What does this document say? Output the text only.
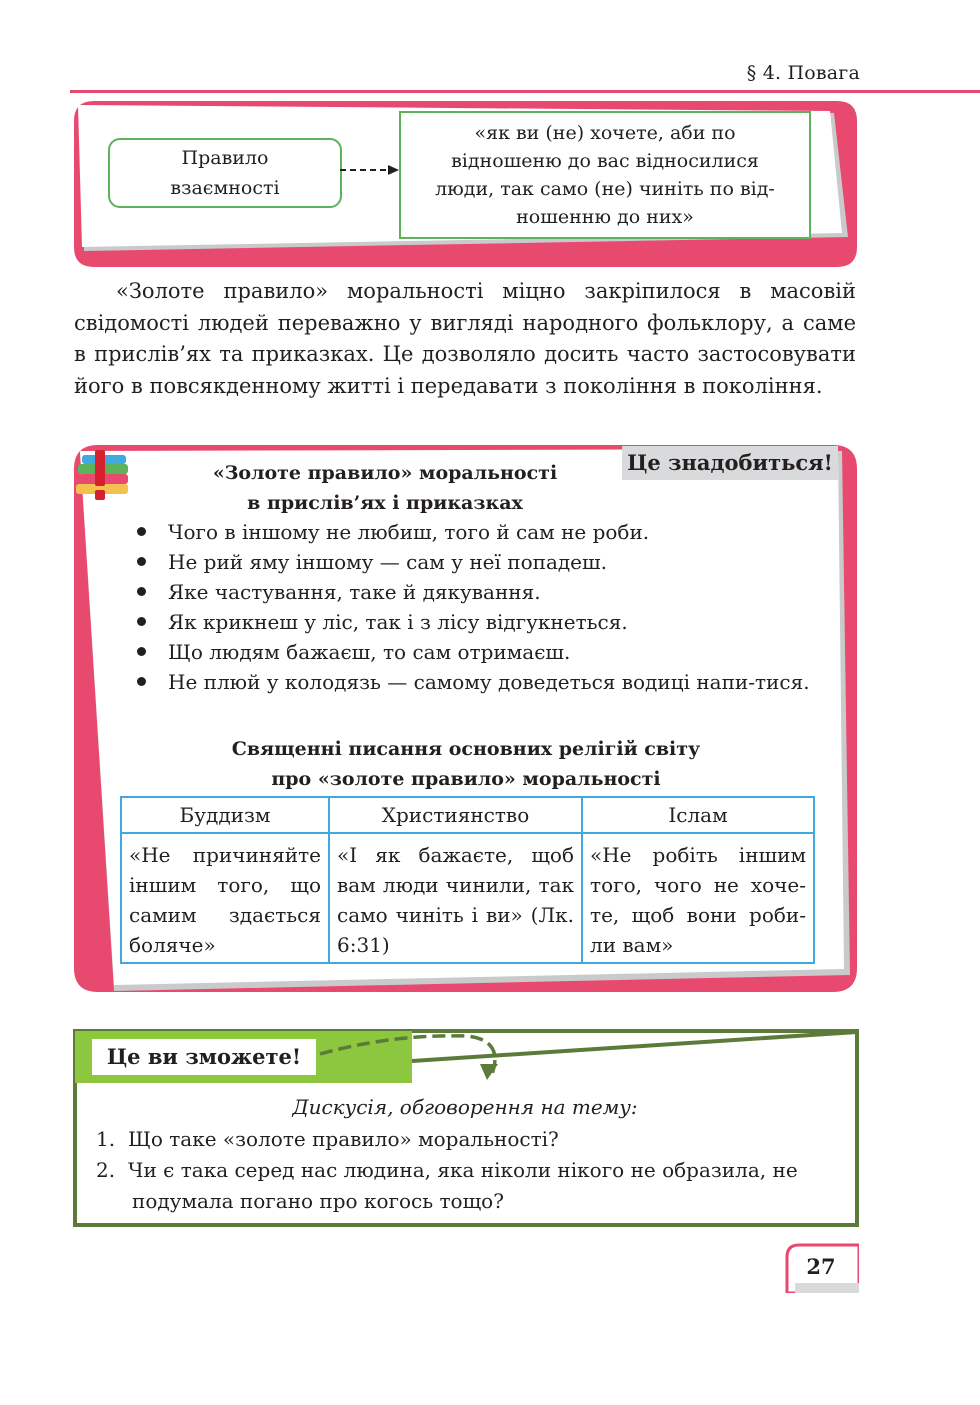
§ 4. Повага
Правило
взаємності
«як ви (не) хочете, аби по
відношеню до вас відносилися
люди, так само (не) чиніть по від-
ношенню до них»

«Золоте правило» моральності міцно закріпилося в масовій свідомості людей переважно у вигляді народного фольклору, а саме в прислів’ях та приказках. Це дозволяло досить часто застосовувати його в повсякденному житті і передавати з покоління в покоління.

Це знадобиться!
«Золоте правило» моральності
в прислів’ях і приказках
Чого в іншому не любиш, того й сам не роби.
Не рий яму іншому — сам у неї попадеш.
Яке частування, таке й дякування.
Як крикнеш у ліс, так і з лісу відгукнеться.
Що людям бажаєш, то сам отримаєш.
Не плюй у колодязь — самому доведеться водиці напи-тися.
Священні писання основних релігій світу
про «золоте правило» моральності
Буддизм	Християнство	Іслам
«Не причиняйте іншим того, що самим здається боляче»	«І як бажаєте, щоб вам люди чинили, так само чиніть і ви» (Лк. 6:31)	«Не робіть іншим того, чого не хоче-те, щоб вони роби-ли вам»
Це ви зможете!
Дискусія, обговорення на тему:
1. Що таке «золоте правило» моральності?
2. Чи є така серед нас людина, яка ніколи нікого не образила, не подумала погано про когось тощо?
27
